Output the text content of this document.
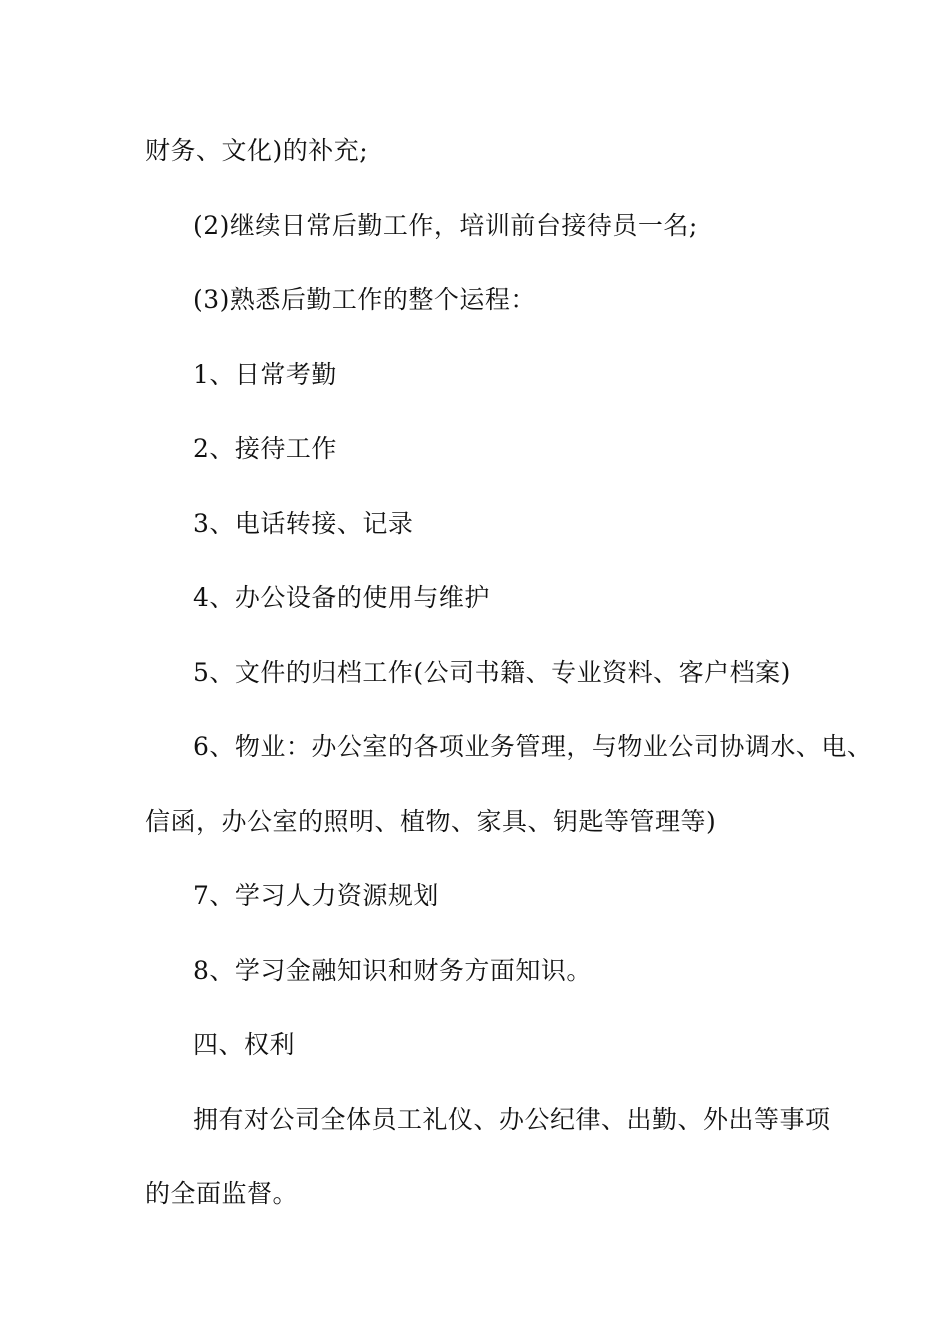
财务、文化)的补充;
(2)继续日常后勤工作，培训前台接待员一名;
(3)熟悉后勤工作的整个运程：
1、日常考勤
2、接待工作
3、电话转接、记录
4、办公设备的使用与维护
5、文件的归档工作(公司书籍、专业资料、客户档案)
6、物业：办公室的各项业务管理，与物业公司协调水、电、
信函，办公室的照明、植物、家具、钥匙等管理等)
7、学习人力资源规划
8、学习金融知识和财务方面知识。
四、权利
拥有对公司全体员工礼仪、办公纪律、出勤、外出等事项
的全面监督。
